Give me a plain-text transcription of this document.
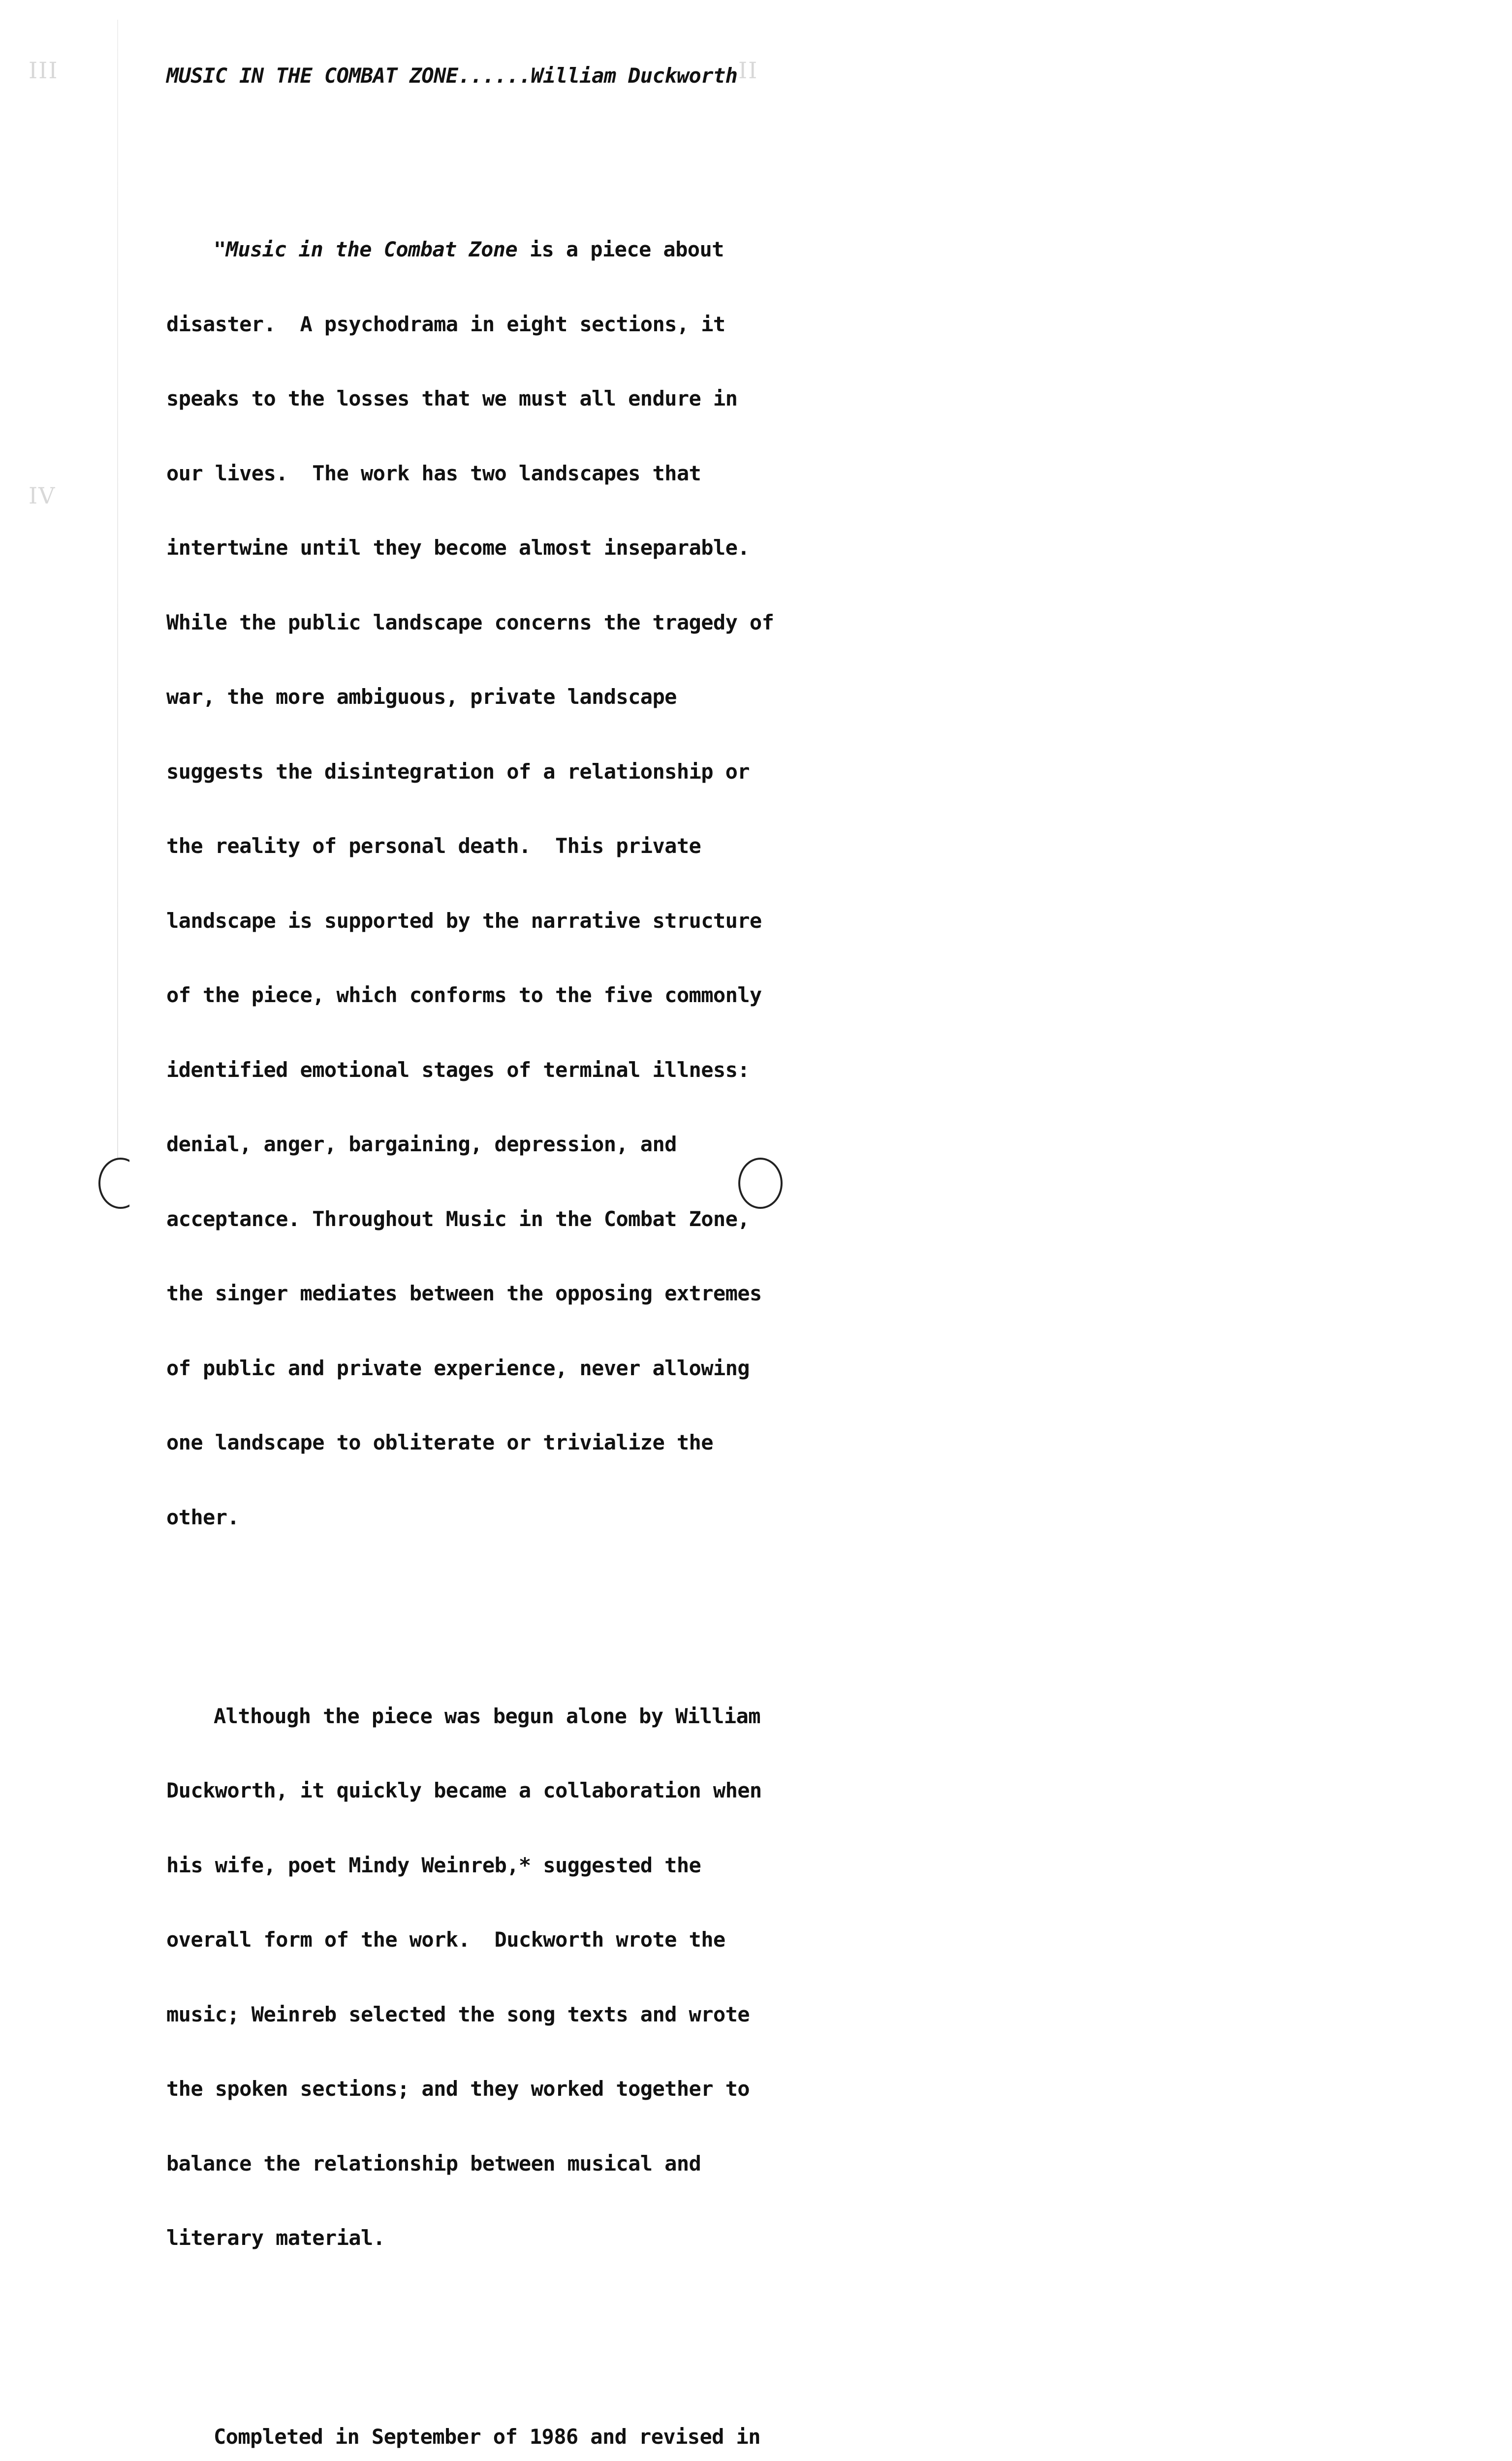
III	II
IV

MUSIC IN THE COMBAT ZONE......William Duckworth

"Music in the Combat Zone is a piece about

disaster.  A psychodrama in eight sections, it

speaks to the losses that we must all endure in

our lives.  The work has two landscapes that

intertwine until they become almost inseparable.

While the public landscape concerns the tragedy of

war, the more ambiguous, private landscape

suggests the disintegration of a relationship or

the reality of personal death.  This private

landscape is supported by the narrative structure

of the piece, which conforms to the five commonly

identified emotional stages of terminal illness:

denial, anger, bargaining, depression, and

acceptance. Throughout Music in the Combat Zone,

the singer mediates between the opposing extremes

of public and private experience, never allowing

one landscape to obliterate or trivialize the

other.

Although the piece was begun alone by William

Duckworth, it quickly became a collaboration when

his wife, poet Mindy Weinreb,* suggested the

overall form of the work.  Duckworth wrote the

music; Weinreb selected the song texts and wrote

the spoken sections; and they worked together to

balance the relationship between musical and

literary material.

Completed in September of 1986 and revised in
